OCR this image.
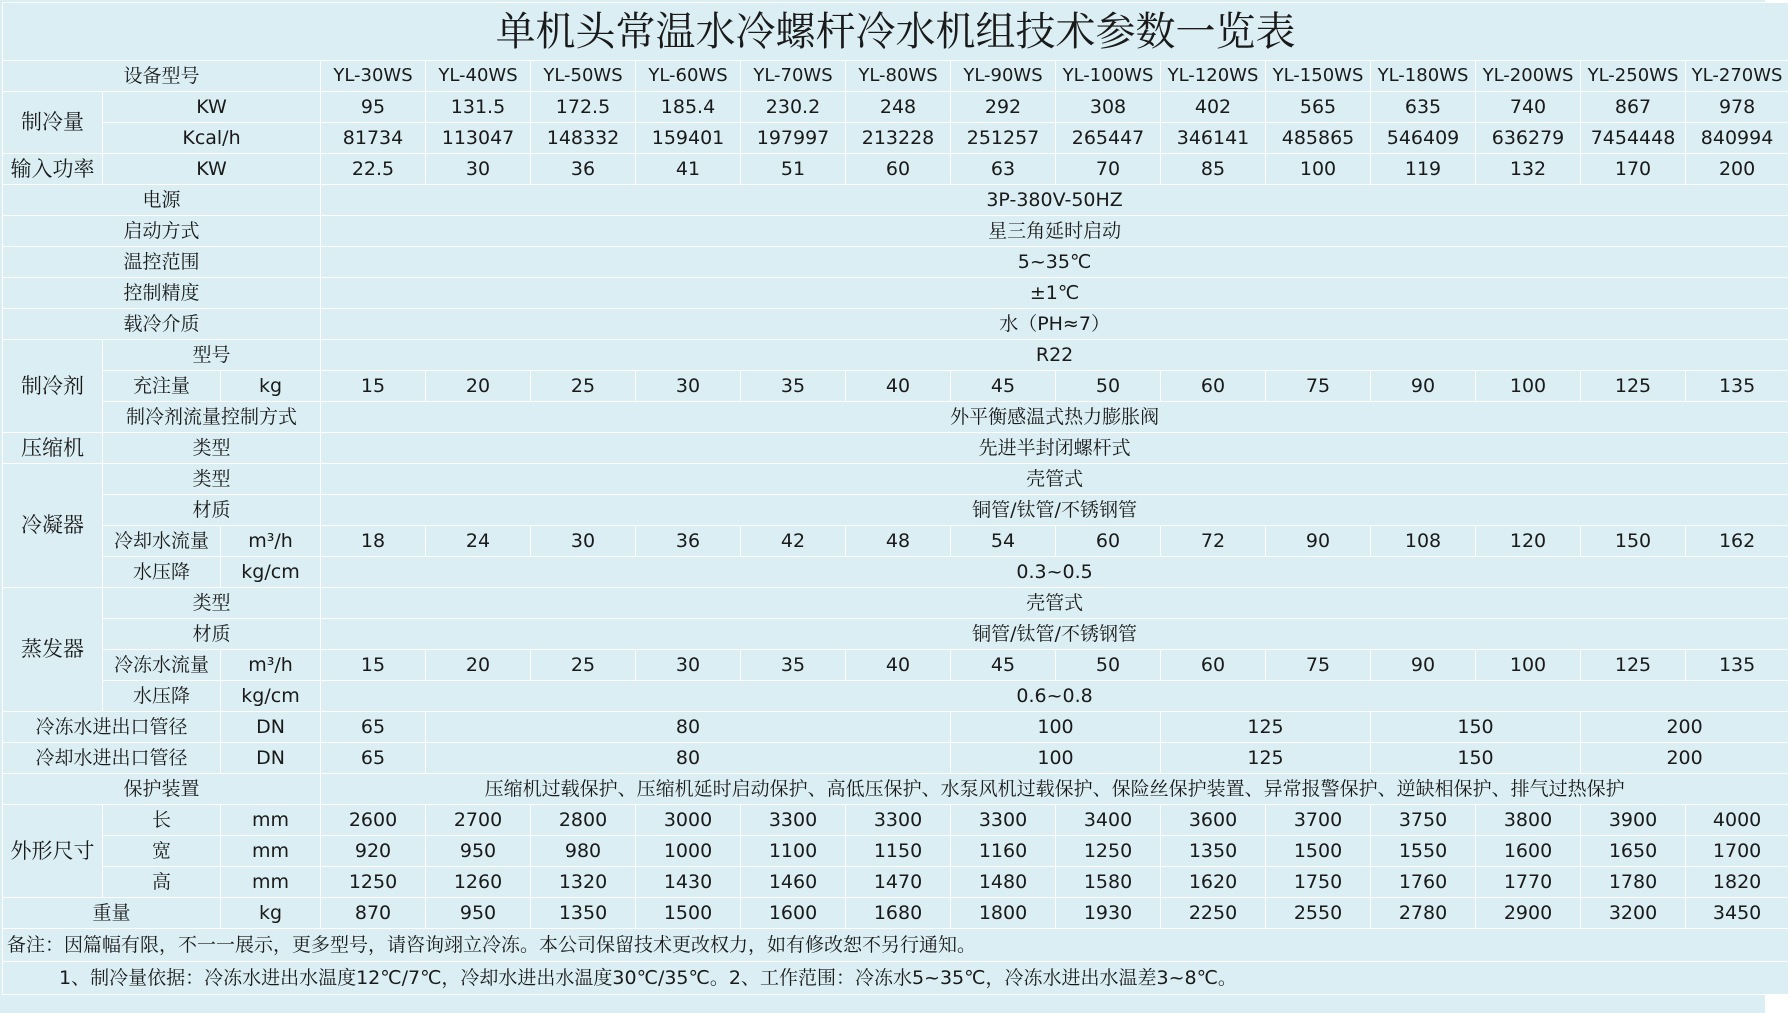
单机头常温水冷螺杆冷水机组技术参数一览表																
设备型号			YL-30WS	YL-40WS	YL-50WS	YL-60WS	YL-70WS	YL-80WS	YL-90WS	YL-100WS	YL-120WS	YL-150WS	YL-180WS	YL-200WS	YL-250WS	YL-270WS
制冷量	KW		95	131.5	172.5	185.4	230.2	248	292	308	402	565	635	740	867	978
	Kcal/h		81734	113047	148332	159401	197997	213228	251257	265447	346141	485865	546409	636279	7454448	840994
输入功率	KW		22.5	30	36	41	51	60	63	70	85	100	119	132	170	200
电源			3P-380V-50HZ													
启动方式			星三角延时启动													
温控范围			5~35℃													
控制精度			±1℃													
载冷介质			水（PH≈7）													
制冷剂	型号		R22													
	充注量	kg	15	20	25	30	35	40	45	50	60	75	90	100	125	135
	制冷剂流量控制方式		外平衡感温式热力膨胀阀													
压缩机	类型		先进半封闭螺杆式													
冷凝器	类型		壳管式													
	材质		铜管/钛管/不锈钢管													
	冷却水流量	m³/h	18	24	30	36	42	48	54	60	72	90	108	120	150	162
	水压降	kg/cm	0.3~0.5													
蒸发器	类型		壳管式													
	材质		铜管/钛管/不锈钢管													
	冷冻水流量	m³/h	15	20	25	30	35	40	45	50	60	75	90	100	125	135
	水压降	kg/cm	0.6~0.8													
冷冻水进出口管径		DN	65	80					100		125		150		200	
冷却水进出口管径		DN	65	80					100		125		150		200	
保护装置			压缩机过载保护、压缩机延时启动保护、高低压保护、水泵风机过载保护、保险丝保护装置、异常报警保护、逆缺相保护、排气过热保护													
外形尺寸	长	mm	2600	2700	2800	3000	3300	3300	3300	3400	3600	3700	3750	3800	3900	4000
	宽	mm	920	950	980	1000	1100	1150	1160	1250	1350	1500	1550	1600	1650	1700
	高	mm	1250	1260	1320	1430	1460	1470	1480	1580	1620	1750	1760	1770	1780	1820
重量		kg	870	950	1350	1500	1600	1680	1800	1930	2250	2550	2780	2900	3200	3450
备注：因篇幅有限，不一一展示，更多型号，请咨询翊立冷冻。本公司保留技术更改权力，如有修改恕不另行通知。																
1、制冷量依据：冷冻水进出水温度12℃/7℃，冷却水进出水温度30℃/35℃。2、工作范围：冷冻水5~35℃，冷冻水进出水温差3~8℃。																
